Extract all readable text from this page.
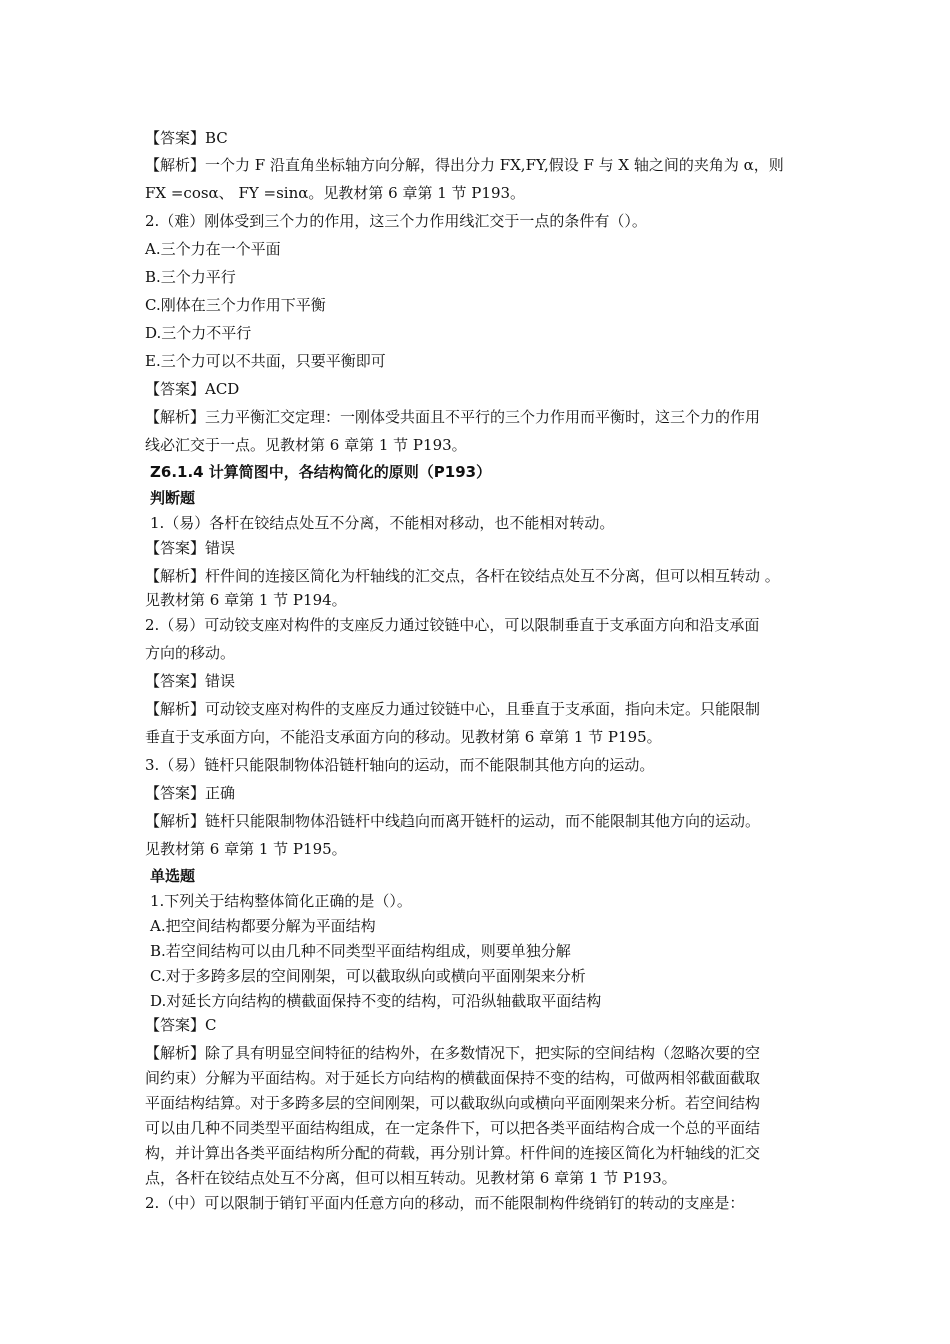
【答案】BC
【解析】一个力 F 沿直角坐标轴方向分解，得出分力 FX,FY,假设 F 与 X 轴之间的夹角为 α，则
FX =cosα、 FY =sinα。见教材第 6 章第 1 节 P193。
2.（难）刚体受到三个力的作用，这三个力作用线汇交于一点的条件有（）。
A.三个力在一个平面
B.三个力平行
C.刚体在三个力作用下平衡
D.三个力不平行
E.三个力可以不共面，只要平衡即可
【答案】ACD
【解析】三力平衡汇交定理：一刚体受共面且不平行的三个力作用而平衡时，这三个力的作用
线必汇交于一点。见教材第 6 章第 1 节 P193。
Z6.1.4 计算简图中，各结构简化的原则（P193）
判断题
1.（易）各杆在铰结点处互不分离，不能相对移动，也不能相对转动。
【答案】错误
【解析】杆件间的连接区简化为杆轴线的汇交点，各杆在铰结点处互不分离，但可以相互转动 。
见教材第 6 章第 1 节 P194。
2.（易）可动铰支座对构件的支座反力通过铰链中心，可以限制垂直于支承面方向和沿支承面
方向的移动。
【答案】错误
【解析】可动铰支座对构件的支座反力通过铰链中心，且垂直于支承面，指向未定。只能限制
垂直于支承面方向，不能沿支承面方向的移动。见教材第 6 章第 1 节 P195。
3.（易）链杆只能限制物体沿链杆轴向的运动，而不能限制其他方向的运动。
【答案】正确
【解析】链杆只能限制物体沿链杆中线趋向而离开链杆的运动，而不能限制其他方向的运动。
见教材第 6 章第 1 节 P195。
单选题
1.下列关于结构整体简化正确的是（）。
A.把空间结构都要分解为平面结构
B.若空间结构可以由几种不同类型平面结构组成，则要单独分解
C.对于多跨多层的空间刚架，可以截取纵向或横向平面刚架来分析
D.对延长方向结构的横截面保持不变的结构，可沿纵轴截取平面结构
【答案】C
【解析】除了具有明显空间特征的结构外，在多数情况下，把实际的空间结构（忽略次要的空
间约束）分解为平面结构。对于延长方向结构的横截面保持不变的结构，可做两相邻截面截取
平面结构结算。对于多跨多层的空间刚架，可以截取纵向或横向平面刚架来分析。若空间结构
可以由几种不同类型平面结构组成，在一定条件下，可以把各类平面结构合成一个总的平面结
构，并计算出各类平面结构所分配的荷载，再分别计算。杆件间的连接区简化为杆轴线的汇交
点，各杆在铰结点处互不分离，但可以相互转动。见教材第 6 章第 1 节 P193。
2.（中）可以限制于销钉平面内任意方向的移动，而不能限制构件绕销钉的转动的支座是：
